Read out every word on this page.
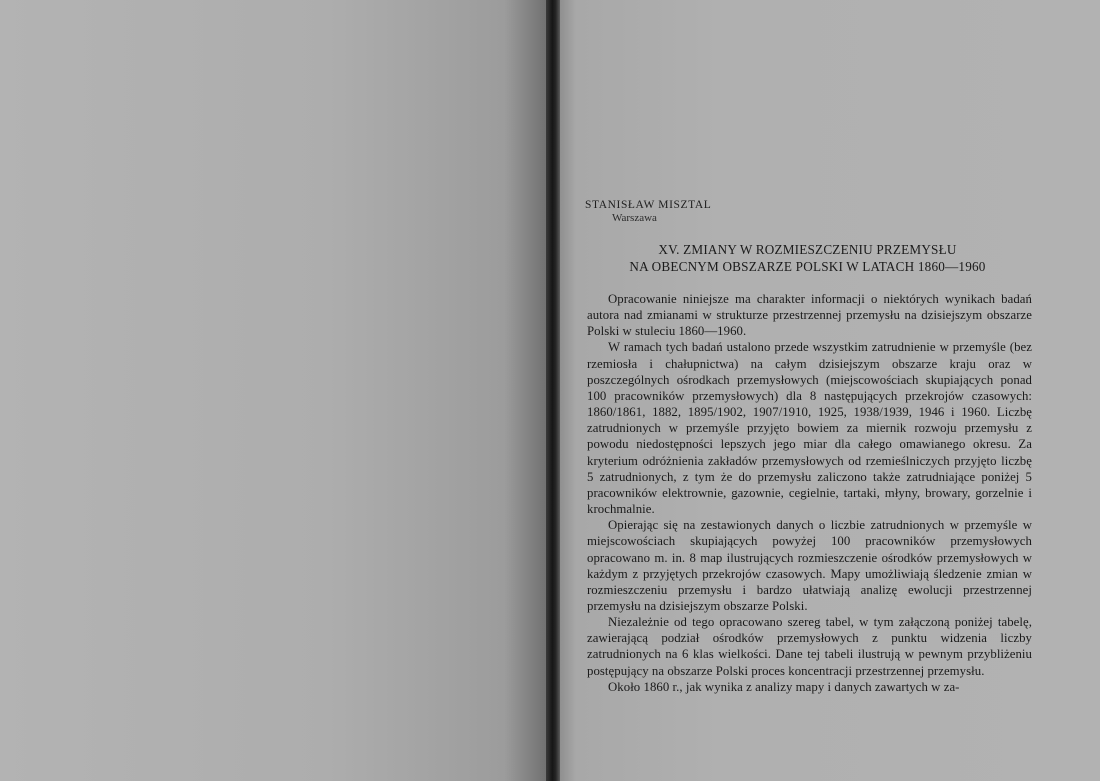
STANISŁAW MISZTAL
Warszawa
XV. ZMIANY W ROZMIESZCZENIU PRZEMYSŁU
NA OBECNYM OBSZARZE POLSKI W LATACH 1860—1960

Opracowanie niniejsze ma charakter informacji o niektórych wynikach badań autora nad zmianami w strukturze przestrzennej przemysłu na dzisiejszym obszarze Polski w stuleciu 1860—1960.

W ramach tych badań ustalono przede wszystkim zatrudnienie w przemyśle (bez rzemiosła i chałupnictwa) na całym dzisiejszym obszarze kraju oraz w poszczególnych ośrodkach przemysłowych (miejscowościach skupiających ponad 100 pracowników przemysłowych) dla 8 następujących przekrojów czasowych: 1860/1861, 1882, 1895/1902, 1907/1910, 1925, 1938/1939, 1946 i 1960. Liczbę zatrudnionych w przemyśle przyjęto bowiem za miernik rozwoju przemysłu z powodu niedostępności lepszych jego miar dla całego omawianego okresu. Za kryterium odróżnienia zakładów przemysłowych od rzemieślniczych przyjęto liczbę 5 zatrudnionych, z tym że do przemysłu zaliczono także zatrudniające poniżej 5 pracowników elektrownie, gazownie, cegielnie, tartaki, młyny, browary, gorzelnie i krochmalnie.

Opierając się na zestawionych danych o liczbie zatrudnionych w przemyśle w miejscowościach skupiających powyżej 100 pracowników przemysłowych opracowano m. in. 8 map ilustrujących rozmieszczenie ośrodków przemysłowych w każdym z przyjętych przekrojów czasowych. Mapy umożliwiają śledzenie zmian w rozmieszczeniu przemysłu i bardzo ułatwiają analizę ewolucji przestrzennej przemysłu na dzisiejszym obszarze Polski.

Niezależnie od tego opracowano szereg tabel, w tym załączoną poniżej tabelę, zawierającą podział ośrodków przemysłowych z punktu widzenia liczby zatrudnionych na 6 klas wielkości. Dane tej tabeli ilustrują w pewnym przybliżeniu postępujący na obszarze Polski proces koncentracji przestrzennej przemysłu.

Około 1860 r., jak wynika z analizy mapy i danych zawartych w za-
